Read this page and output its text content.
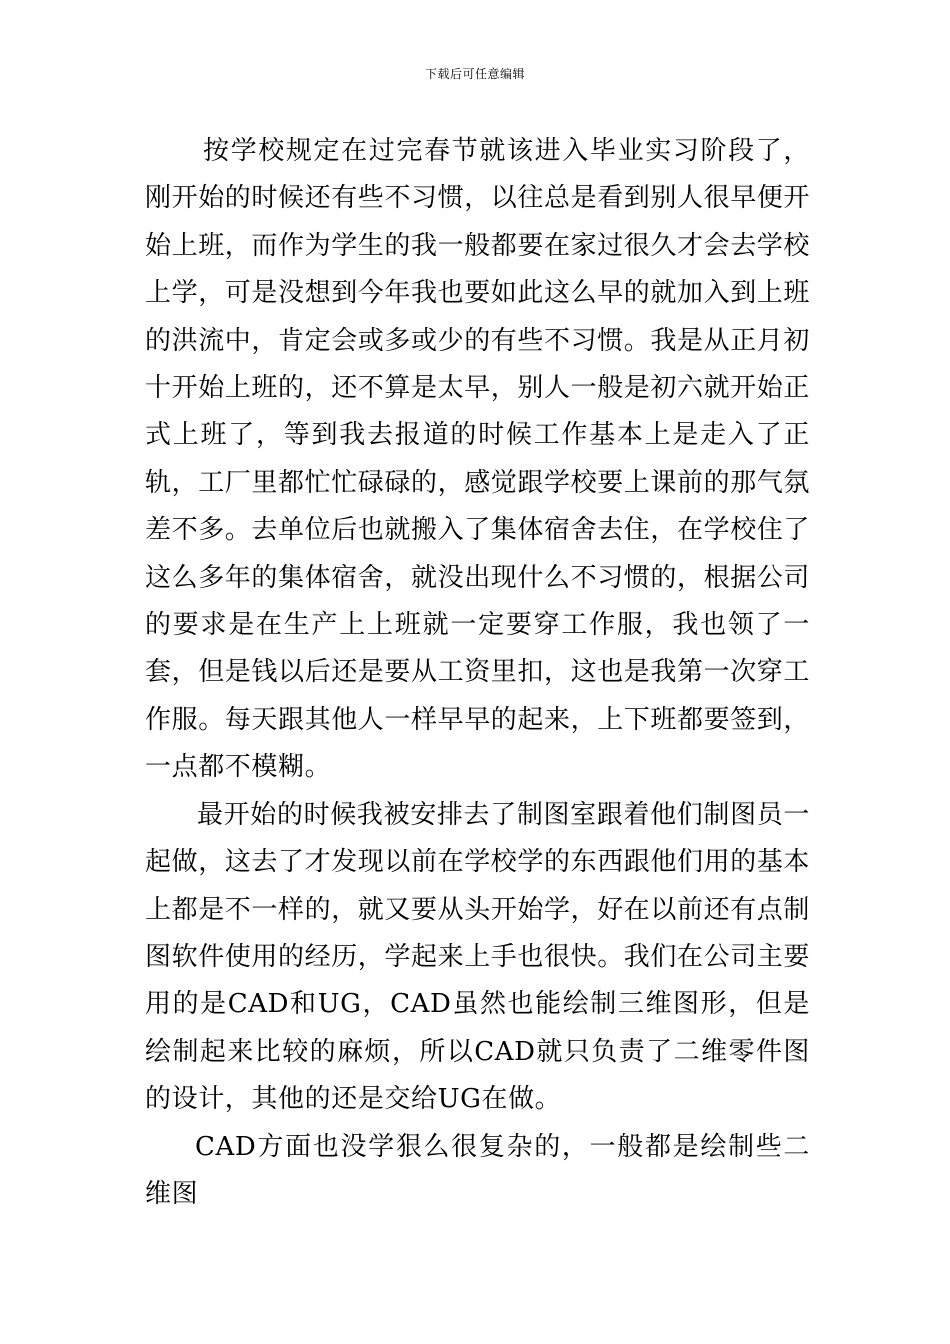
下载后可任意编辑

按学校规定在过完春节就该进入毕业实习阶段了，刚开始的时候还有些不习惯，以往总是看到别人很早便开始上班，而作为学生的我一般都要在家过很久才会去学校上学，可是没想到今年我也要如此这么早的就加入到上班的洪流中，肯定会或多或少的有些不习惯。我是从正月初十开始上班的，还不算是太早，别人一般是初六就开始正式上班了，等到我去报道的时候工作基本上是走入了正轨，工厂里都忙忙碌碌的，感觉跟学校要上课前的那气氛差不多。去单位后也就搬入了集体宿舍去住，在学校住了这么多年的集体宿舍，就没出现什么不习惯的，根据公司的要求是在生产上上班就一定要穿工作服，我也领了一套，但是钱以后还是要从工资里扣，这也是我第一次穿工作服。每天跟其他人一样早早的起来，上下班都要签到，一点都不模糊。

最开始的时候我被安排去了制图室跟着他们制图员一起做，这去了才发现以前在学校学的东西跟他们用的基本上都是不一样的，就又要从头开始学，好在以前还有点制图软件使用的经历，学起来上手也很快。我们在公司主要用的是CAD和UG，CAD虽然也能绘制三维图形，但是绘制起来比较的麻烦，所以CAD就只负责了二维零件图的设计，其他的还是交给UG在做。

CAD方面也没学狠么很复杂的，一般都是绘制些二维图
